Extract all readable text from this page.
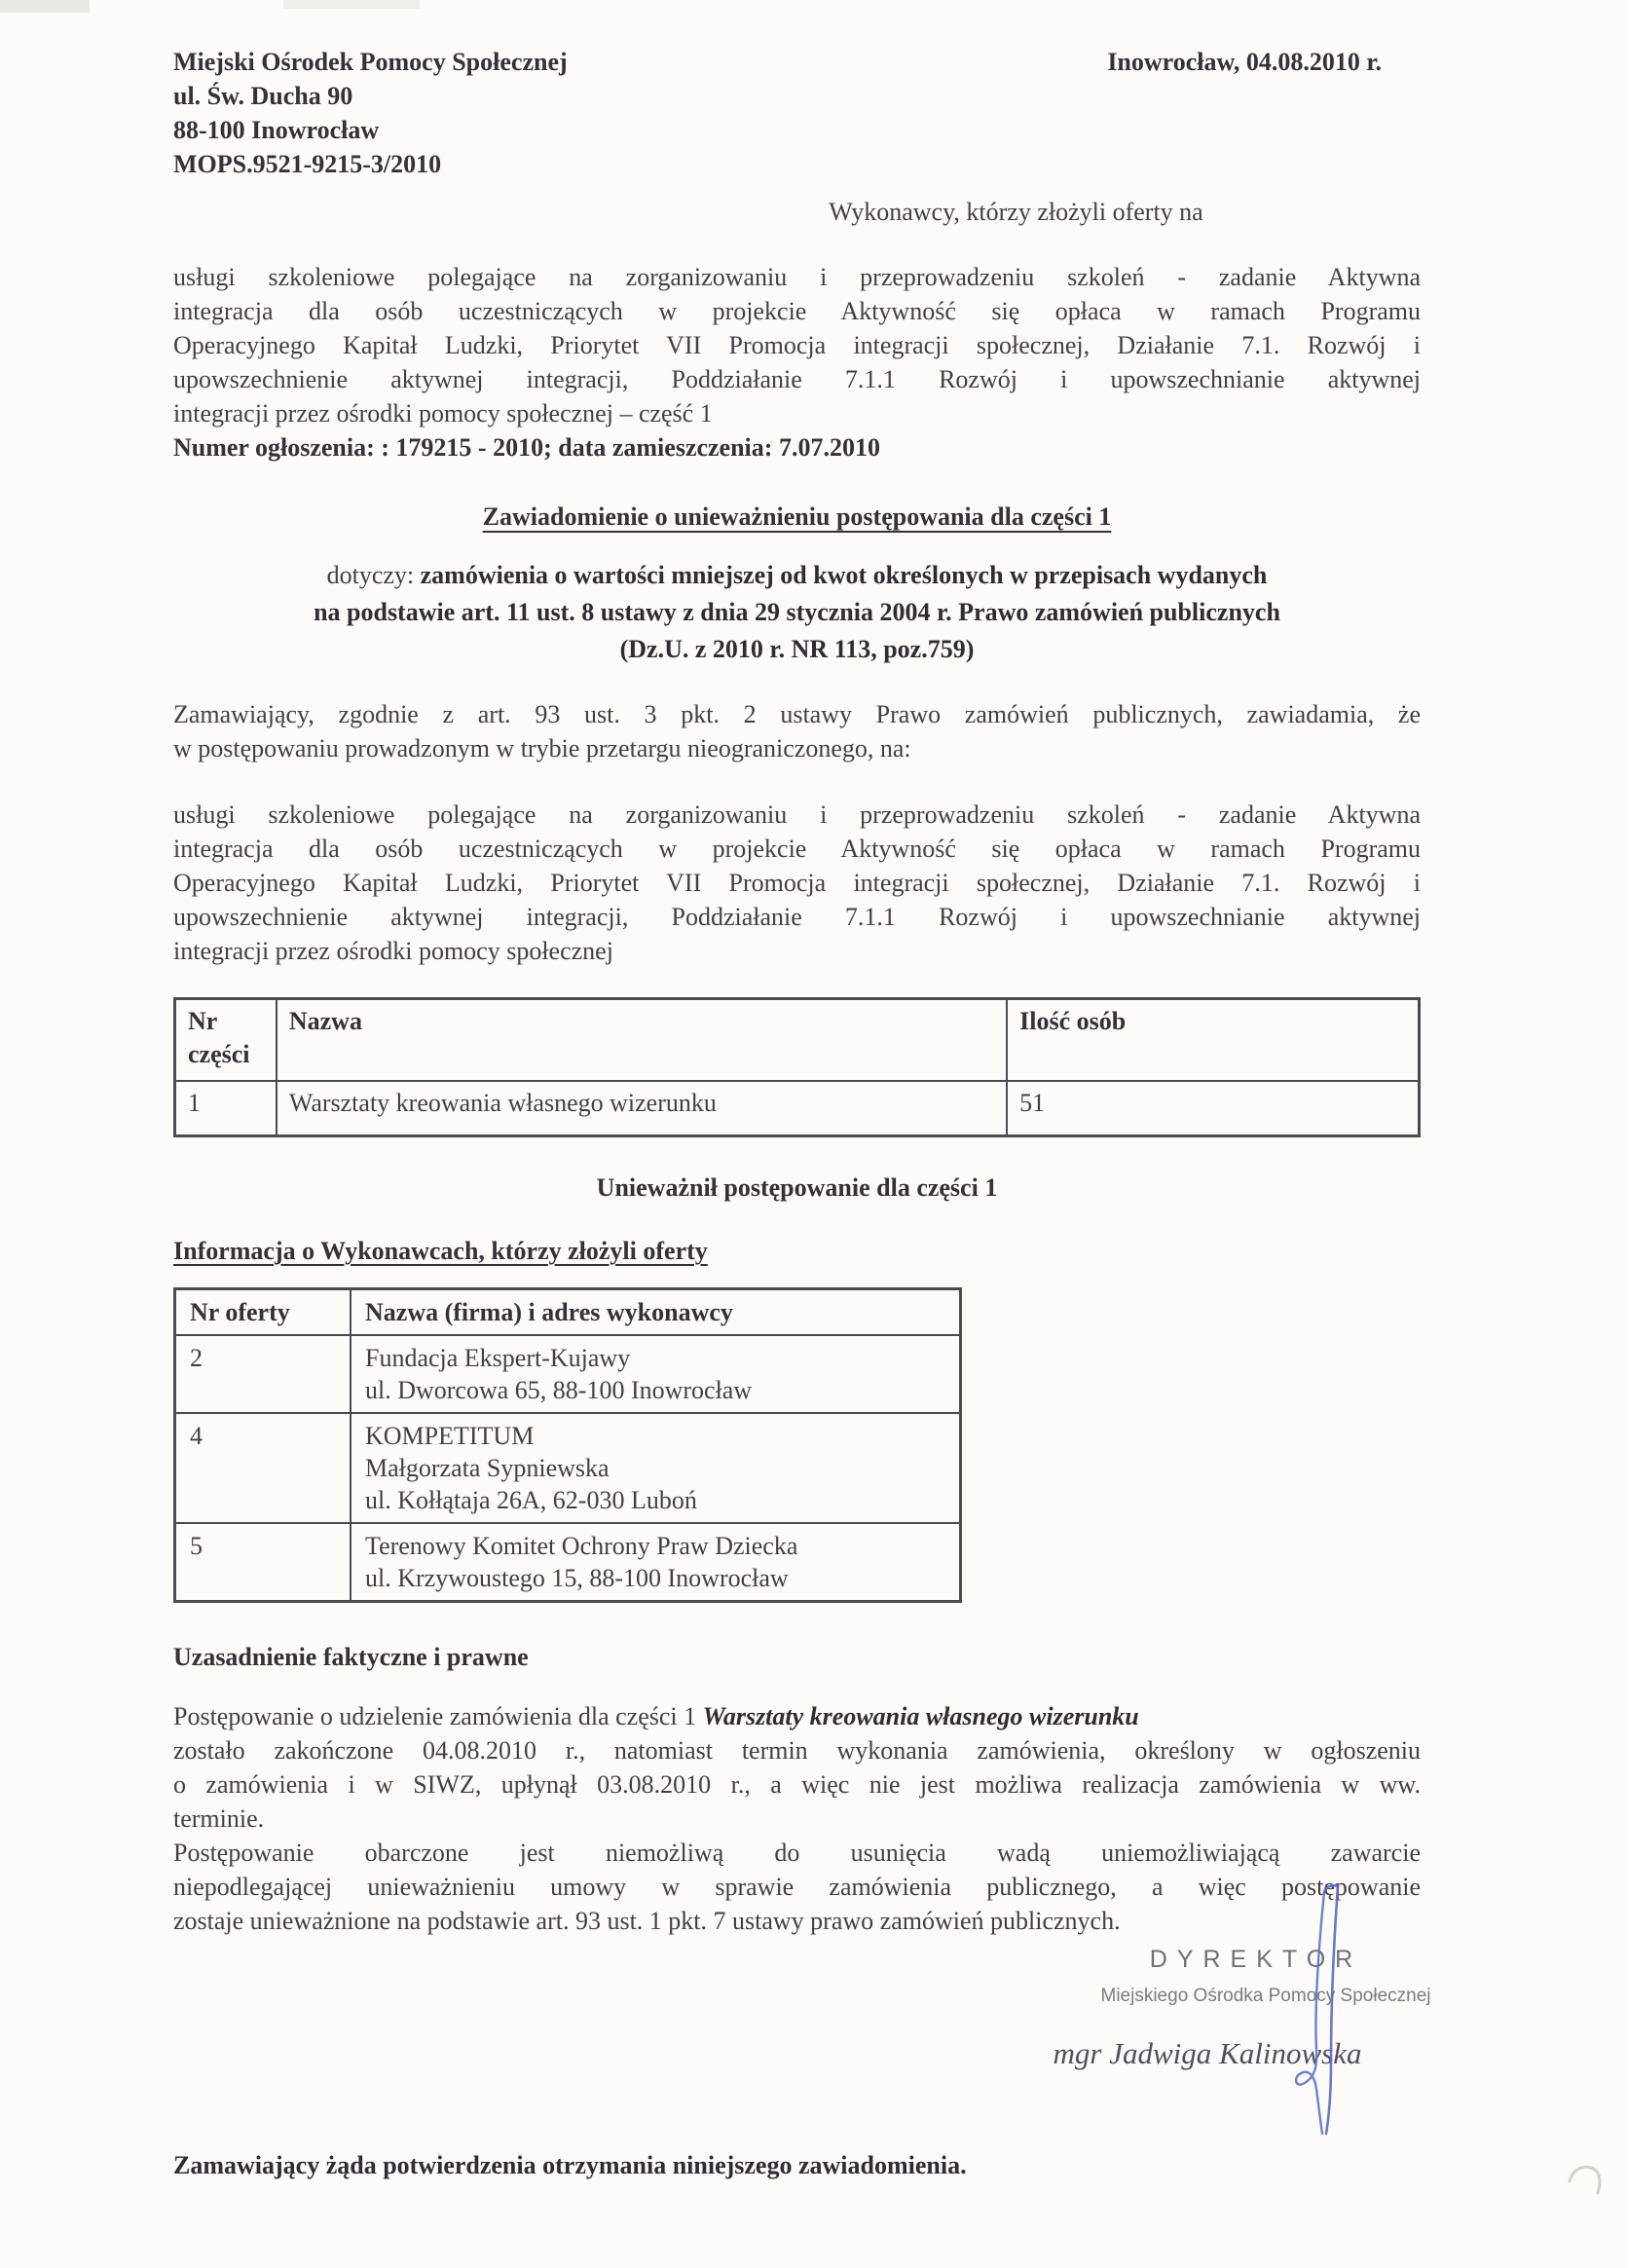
Miejski Ośrodek Pomocy Społecznej
ul. Św. Ducha 90
88-100 Inowrocław
MOPS.9521-9215-3/2010
Inowrocław, 04.08.2010 r.
Wykonawcy, którzy złożyli oferty na
usługi szkoleniowe polegające na zorganizowaniu i przeprowadzeniu szkoleń - zadanie Aktywna
integracja dla osób uczestniczących w projekcie Aktywność się opłaca w ramach Programu
Operacyjnego Kapitał Ludzki, Priorytet VII Promocja integracji społecznej, Działanie 7.1. Rozwój i
upowszechnienie aktywnej integracji, Poddziałanie 7.1.1 Rozwój i upowszechnianie aktywnej
integracji przez ośrodki pomocy społecznej – część 1
Numer ogłoszenia: : 179215 - 2010; data zamieszczenia: 7.07.2010
Zawiadomienie o unieważnieniu postępowania dla części 1
dotyczy: zamówienia o wartości mniejszej od kwot określonych w przepisach wydanych
na podstawie art. 11 ust. 8 ustawy z dnia 29 stycznia 2004 r. Prawo zamówień publicznych
(Dz.U. z 2010 r. NR 113, poz.759)
Zamawiający, zgodnie z art. 93 ust. 3 pkt. 2 ustawy Prawo zamówień publicznych, zawiadamia, że
w postępowaniu prowadzonym w trybie przetargu nieograniczonego, na:
usługi szkoleniowe polegające na zorganizowaniu i przeprowadzeniu szkoleń - zadanie Aktywna
integracja dla osób uczestniczących w projekcie Aktywność się opłaca w ramach Programu
Operacyjnego Kapitał Ludzki, Priorytet VII Promocja integracji społecznej, Działanie 7.1. Rozwój i
upowszechnienie aktywnej integracji, Poddziałanie 7.1.1 Rozwój i upowszechnianie aktywnej
integracji przez ośrodki pomocy społecznej
Nr części	Nazwa	Ilość osób
1	Warsztaty kreowania własnego wizerunku	51
Unieważnił postępowanie dla części 1
Informacja o Wykonawcach, którzy złożyli oferty
Nr oferty	Nazwa (firma) i adres wykonawcy
2	Fundacja Ekspert-Kujawy
ul. Dworcowa 65, 88-100 Inowrocław

4	KOMPETITUM
Małgorzata Sypniewska
ul. Kołłątaja 26A, 62-030 Luboń

5	Terenowy Komitet Ochrony Praw Dziecka
ul. Krzywoustego 15, 88-100 Inowrocław
Uzasadnienie faktyczne i prawne
Postępowanie o udzielenie zamówienia dla części 1 Warsztaty kreowania własnego wizerunku
zostało zakończone 04.08.2010 r., natomiast termin wykonania zamówienia, określony w ogłoszeniu
o zamówienia i w SIWZ, upłynął 03.08.2010 r., a więc nie jest możliwa realizacja zamówienia w ww.
terminie.
Postępowanie obarczone jest niemożliwą do usunięcia wadą uniemożliwiającą zawarcie
niepodlegającej unieważnieniu umowy w sprawie zamówienia publicznego, a więc postępowanie
zostaje unieważnione na podstawie art. 93 ust. 1 pkt. 7 ustawy prawo zamówień publicznych.
DYREKTOR
Miejskiego Ośrodka Pomocy Społecznej
mgr Jadwiga Kalinowska
Zamawiający żąda potwierdzenia otrzymania niniejszego zawiadomienia.
